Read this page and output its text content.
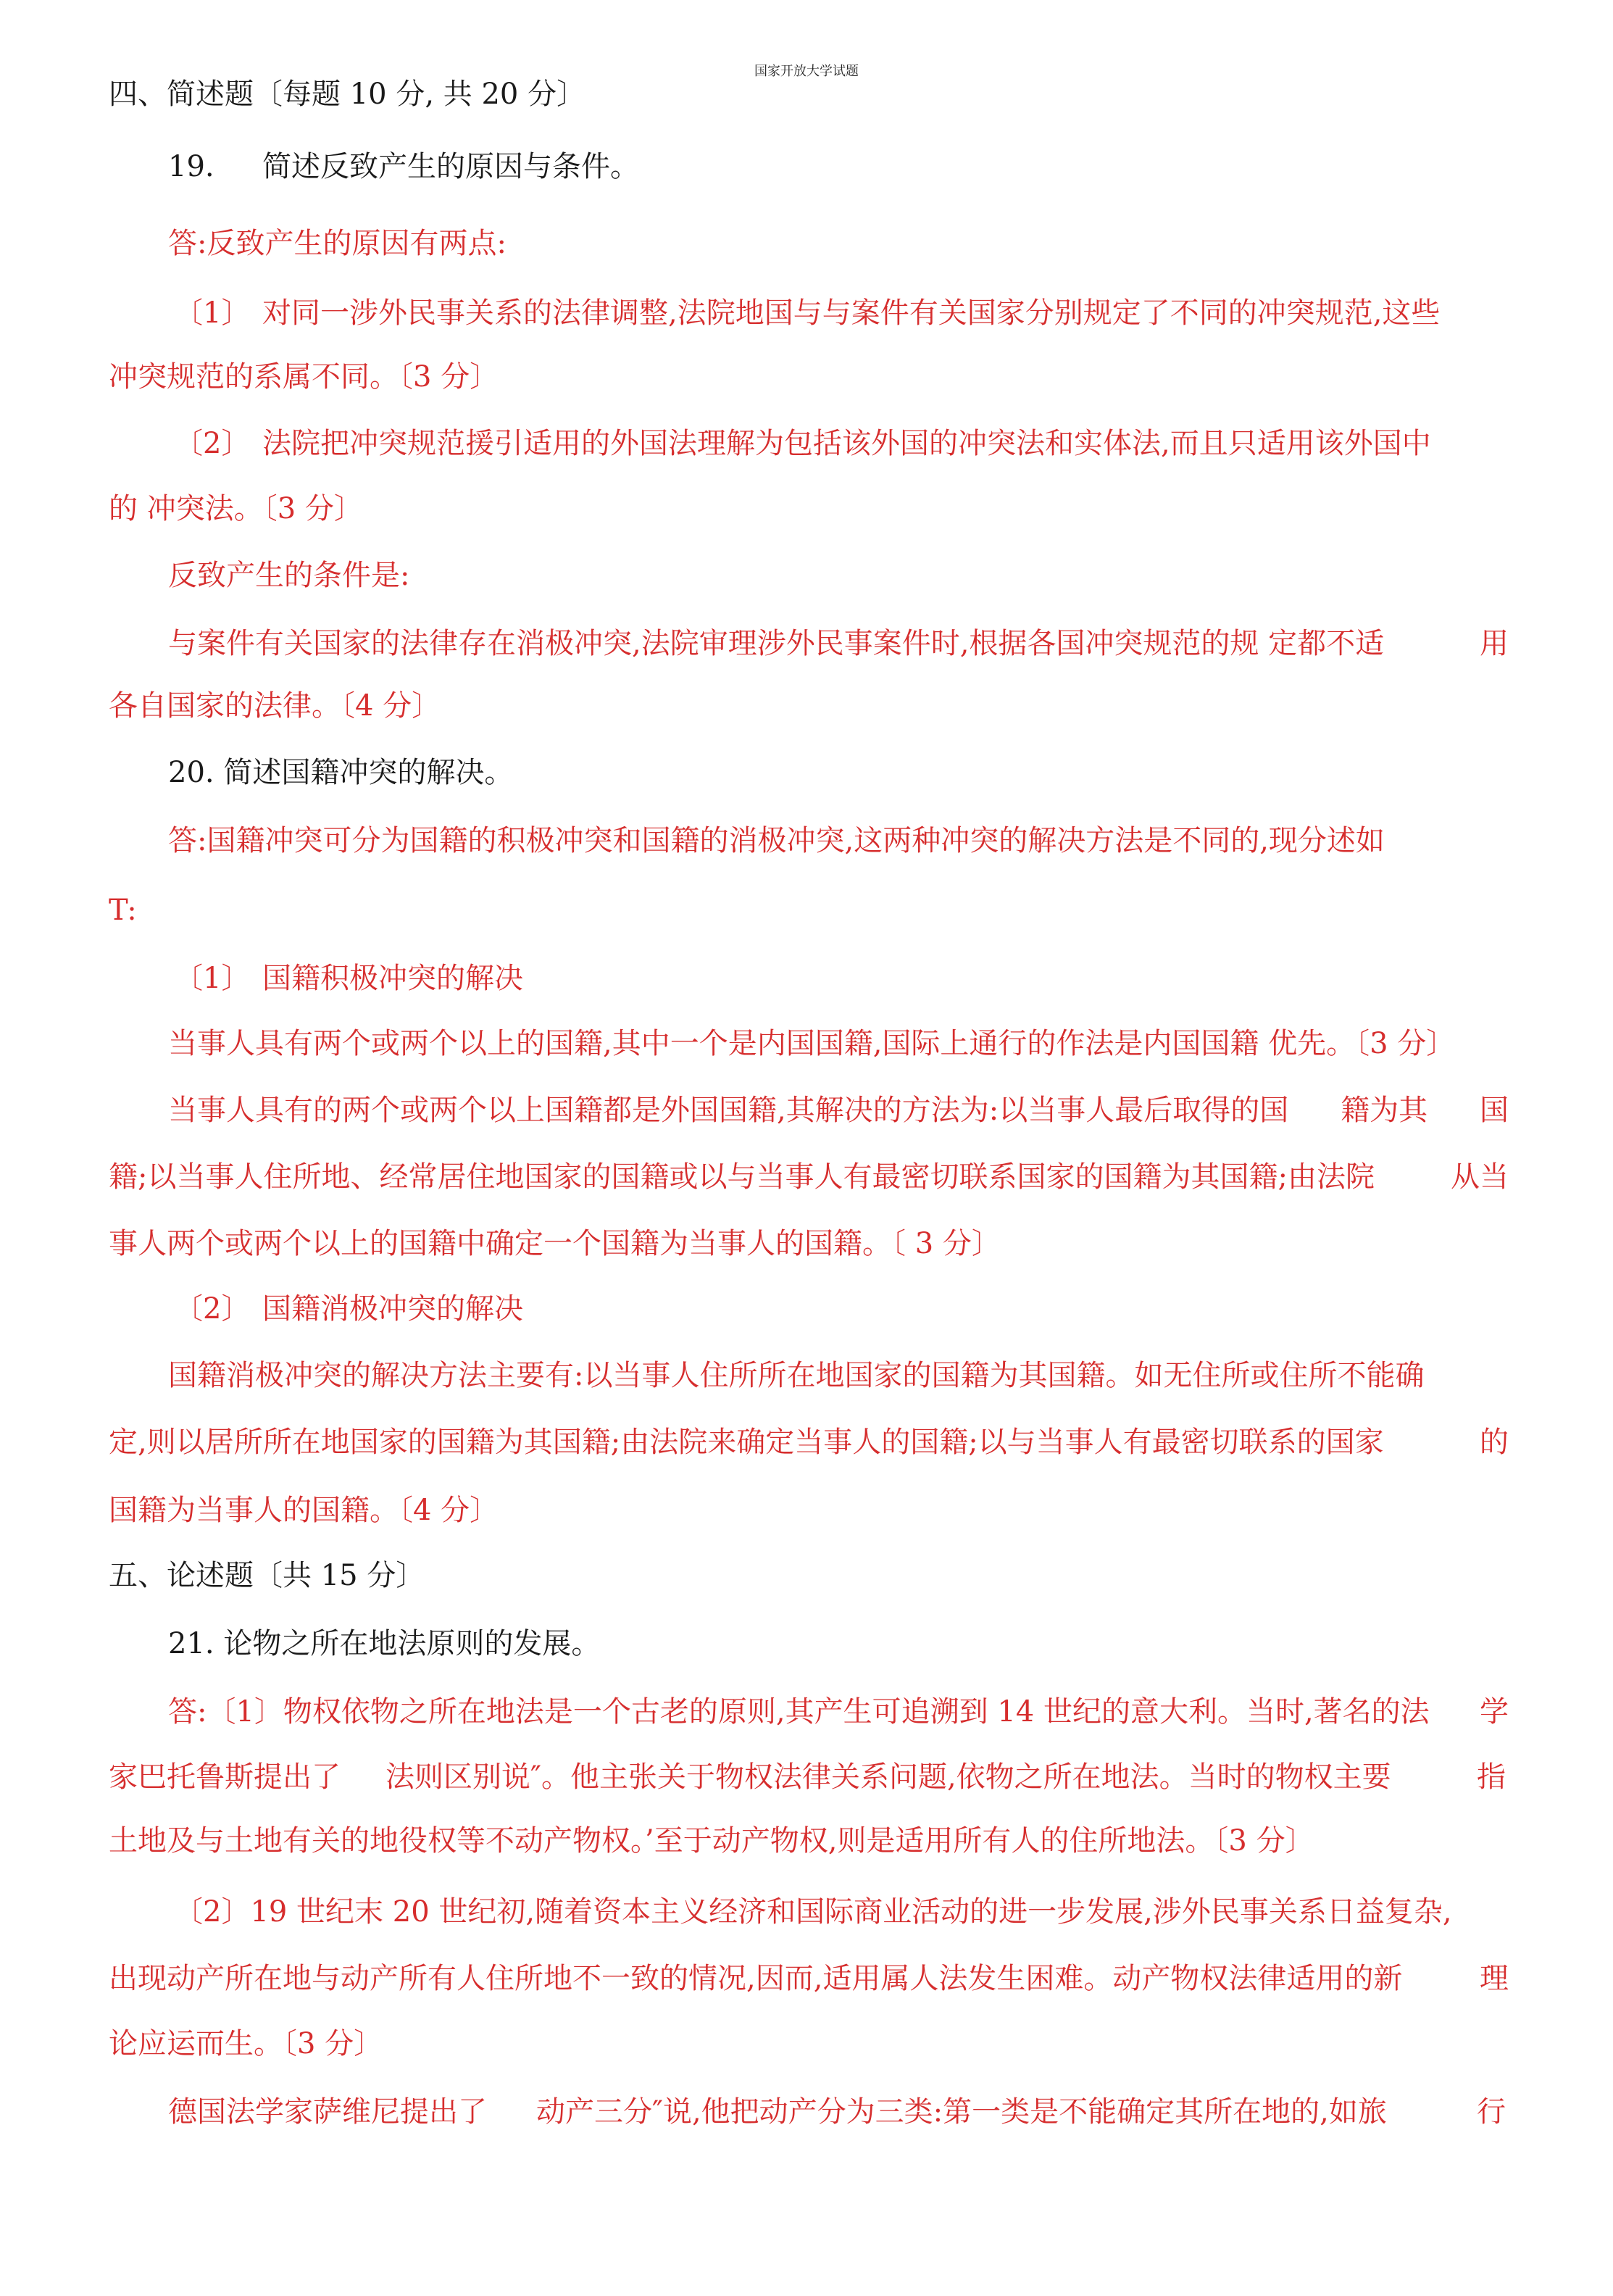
国家开放大学试题
四、简述题〔每题 10 分, 共 20 分〕
19. 简述反致产生的原因与条件。
答:反致产生的原因有两点:
〔1〕 对同一涉外民事关系的法律调整,法院地国与与案件有关国家分别规定了不同的冲突规范,这些
冲突规范的系属不同。〔3 分〕
〔2〕 法院把冲突规范援引适用的外国法理解为包括该外国的冲突法和实体法,而且只适用该外国中
的 冲突法。〔3 分〕
反致产生的条件是:
与案件有关国家的法律存在消极冲突,法院审理涉外民事案件时,根据各国冲突规范的规 定都不适	用
各自国家的法律。〔4 分〕
20. 简述国籍冲突的解决。
答:国籍冲突可分为国籍的积极冲突和国籍的消极冲突,这两种冲突的解决方法是不同的,现分述如
T:
〔1〕 国籍积极冲突的解决
当事人具有两个或两个以上的国籍,其中一个是内国国籍,国际上通行的作法是内国国籍 优先。〔3 分〕
当事人具有的两个或两个以上国籍都是外国国籍,其解决的方法为:以当事人最后取得的国 籍为其 国
籍;以当事人住所地、经常居住地国家的国籍或以与当事人有最密切联系国家的国籍为其国籍;由法院	从当
事人两个或两个以上的国籍中确定一个国籍为当事人的国籍。〔 3 分〕
〔2〕 国籍消极冲突的解决
国籍消极冲突的解决方法主要有:以当事人住所所在地国家的国籍为其国籍。如无住所或住所不能确
定,则以居所所在地国家的国籍为其国籍;由法院来确定当事人的国籍;以与当事人有最密切联系的国家	的
国籍为当事人的国籍。〔4 分〕
五、论述题〔共 15 分〕
21. 论物之所在地法原则的发展。
答:〔1〕物权依物之所在地法是一个古老的原则,其产生可追溯到 14 世纪的意大利。当时,著名的法 学
家巴托鲁斯提出了 法则区别说″。他主张关于物权法律关系问题,依物之所在地法。当时的物权主要	指
土地及与土地有关的地役权等不动产物权。’至于动产物权,则是适用所有人的住所地法。〔3 分〕
〔2〕19 世纪末 20 世纪初,随着资本主义经济和国际商业活动的进一步发展,涉外民事关系日益复杂,
出现动产所在地与动产所有人住所地不一致的情况,因而,适用属人法发生困难。动产物权法律适用的新	理
论应运而生。〔3 分〕
德国法学家萨维尼提出了 动产三分″说,他把动产分为三类:第一类是不能确定其所在地的,如旅	行
